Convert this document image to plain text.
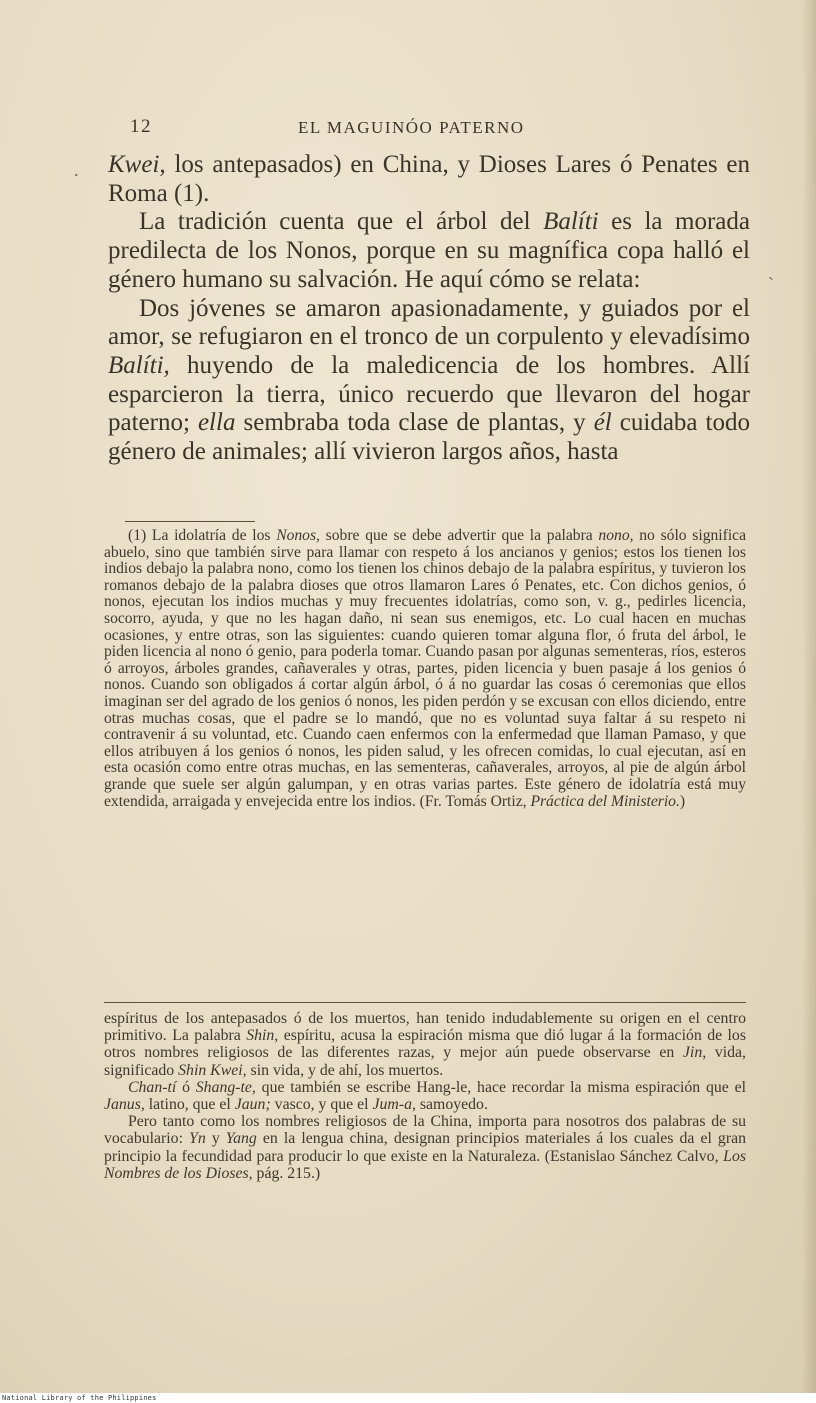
12	EL MAGUINÓO PATERNO
.
`

Kwei, los antepasados) en China, y Dioses Lares ó Penates en Roma (1).

La tradición cuenta que el árbol del Balíti es la morada predilecta de los Nonos, porque en su magnífica copa halló el género humano su salvación. He aquí cómo se relata:

Dos jóvenes se amaron apasionadamente, y guiados por el amor, se refugiaron en el tronco de un corpulento y elevadísimo Balíti, huyendo de la maledicencia de los hombres. Allí esparcieron la tierra, único recuerdo que llevaron del hogar paterno; ella sembraba toda clase de plantas, y él cuidaba todo género de animales; allí vivieron largos años, hasta

(1) La idolatría de los Nonos, sobre que se debe advertir que la palabra nono, no sólo significa abuelo, sino que también sirve para llamar con respeto á los ancianos y genios; estos los tienen los indios debajo la palabra nono, como los tienen los chinos debajo de la palabra espíritus, y tuvieron los romanos debajo de la palabra dioses que otros llamaron Lares ó Penates, etc. Con dichos genios, ó nonos, ejecutan los indios muchas y muy frecuentes idolatrías, como son, v. g., pedirles licencia, socorro, ayuda, y que no les hagan daño, ni sean sus enemigos, etc. Lo cual hacen en muchas ocasiones, y entre otras, son las siguientes: cuando quieren tomar alguna flor, ó fruta del árbol, le piden licencia al nono ó genio, para poderla tomar. Cuando pasan por algunas sementeras, ríos, esteros ó arroyos, árboles grandes, cañaverales y otras, partes, piden licencia y buen pasaje á los genios ó nonos. Cuando son obligados á cortar algún árbol, ó á no guardar las cosas ó ceremonias que ellos imaginan ser del agrado de los genios ó nonos, les piden perdón y se excusan con ellos diciendo, entre otras muchas cosas, que el padre se lo mandó, que no es voluntad suya faltar á su respeto ni contravenir á su voluntad, etc. Cuando caen enfermos con la enfermedad que llaman Pamaso, y que ellos atribuyen á los genios ó nonos, les piden salud, y les ofrecen comidas, lo cual ejecutan, así en esta ocasión como entre otras muchas, en las sementeras, cañaverales, arroyos, al pie de algún árbol grande que suele ser algún galumpan, y en otras varias partes. Este género de idolatría está muy extendida, arraigada y envejecida entre los indios. (Fr. Tomás Ortiz, Práctica del Ministerio.)

espíritus de los antepasados ó de los muertos, han tenido indudablemente su origen en el centro primitivo. La palabra Shin, espíritu, acusa la espiración misma que dió lugar á la formación de los otros nombres religiosos de las diferentes razas, y mejor aún puede observarse en Jin, vida, significado Shin Kwei, sin vida, y de ahí, los muertos.

Chan-tí ó Shang-te, que también se escribe Hang-le, hace recordar la misma espiración que el Janus, latino, que el Jaun; vasco, y que el Jum-a, samoyedo.

Pero tanto como los nombres religiosos de la China, importa para nosotros dos palabras de su vocabulario: Yn y Yang en la lengua china, designan principios materiales á los cuales da el gran principio la fecundidad para producir lo que existe en la Naturaleza. (Estanislao Sánchez Calvo, Los Nombres de los Dioses, pág. 215.)

National Library of the Philippines
